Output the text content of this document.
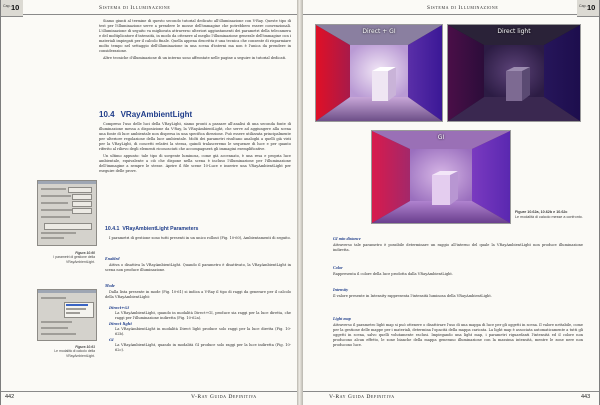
Cap. 10	Sistema di Illuminazione

Siamo giunti al termine di questo secondo tutorial dedicato all'illuminazione con V-Ray. Queste tipo di test per l'illuminazione serve a prendere le mosse dell'immagine che potrebbero essere convenzionali. L'illuminazione di seguito va migliorata attraverso ulteriori aggiustamenti dei parametri della telecamera e del moltiplicatore d'intensità, in modo da ottenere al meglio l'illuminazione generale dell'immagine con i materiali impiegati per il calcolo finale. Quella appena descritta è una tecnica che consente di risparmiare molto tempo nel settaggio dell'illuminazione in una scena d'interni ma non è l'unica da prendere in considerazione.

Altre tecniche d'illuminazione di un interno sono affrontate nelle pagine a seguire in tutorial dedicati.

10.4 VRayAmbientLight

Compreso l'uso delle luci della VRayLight, siamo pronti a passare all'analisi di una seconda fonte di illuminazione messa a disposizione da V-Ray, la VRayAmbientLight, che serve ad aggiungere alla scena una fonte di luce ambientale non dispersa in una specifica direzione. Può essere utilizzata principalmente per ulteriore regolazione della luce ambientale. Molti dei parametri risultano analoghi a quelli già visti per la VRayLight, di concetti relativi la stessa, quindi tralasceremo le sequenze di luce e per quanto riferito al rilievo degli elementi riconosciuti che accompagnerà gli immagini esemplificative.

Un ultimo appunto: tale tipo di sorgente luminosa, come già accennato, è una resa e propria luce ambientale, equivalente a ciò che dispone nella scena è incluso l'illuminazione per l'illuminazione dell'immagine a sempre le stesse. Aprire il file scene 10-Luce e inserire una VRayAmbientLight per eseguire delle prove.

10.4.1 VRayAmbientLight Parameters

I parametri di gestione sono tutti presenti in un unico rollout (Fig. 10-60), Ambientamenti di seguito.

Enabled

Attiva o disattiva la VRayAmbientLight. Quando il parametro è disattivato, la VRayAmbientLight in scena non produce illuminazione.

Mode

Dalla lista presente in mode (Fig. 10-61) si indica a V-Ray il tipo di raggi da generare per il calcolo della VRayAmbientLight:

Direct+GI
La VRayAmbientLight, quando in modalità Direct+GI, produce sia raggi per la luce diretta, che raggi per l'illuminazione indiretta (Fig. 10-62a).
Direct light
La VRayAmbientLight in modalità Direct light produce solo raggi per la luce diretta (Fig. 10-62b).
GI
La VRayAmbientLight, quando in modalità GI produce solo raggi per la luce indiretta (Fig. 10-62c).
Figura 10.60
I parametri di gestione della VRayAmbientLight.
Figura 10.61
Le modalità di calcolo della VRayAmbientLight.
442	V-Ray Guida Definitiva
Sistema di Illuminazione	Cap. 10
Direct + GI	Direct light
GI
Figure 10.62a, 10.62b e 10.62c
Le modalità di calcolo messe a confronto.
GI min distance

Attraverso tale parametro è possibile determinare un raggio all'interno del quale la VRayAmbientLight non produce illuminazione indiretta.

Color

Rappresenta il colore della luce prodotta dalla VRayAmbientLight.

Intensity

Il valore presente in Intensity rappresenta l'intensità luminosa della VRayAmbientLight.

Light map

Attraverso il parametro light map si può ottenere o disattivare l'uso di una mappa di luce per gli oggetti in scena. Il valore nettabile, come per la gestione delle mappe per i materiali, determina l'opacità della mappa caricata. La light map è associata automaticamente a tutti gli oggetti in scena, salvo quelli volutamente esclusi. Impiegando una light map, i parametri riguardanti l'intensità ed il colore non producono alcun effetto, le zone bianche della mappa generano illuminazione con la massima intensità, mentre le zone nere non producono luce.

V-Ray Guida Definitiva	443
